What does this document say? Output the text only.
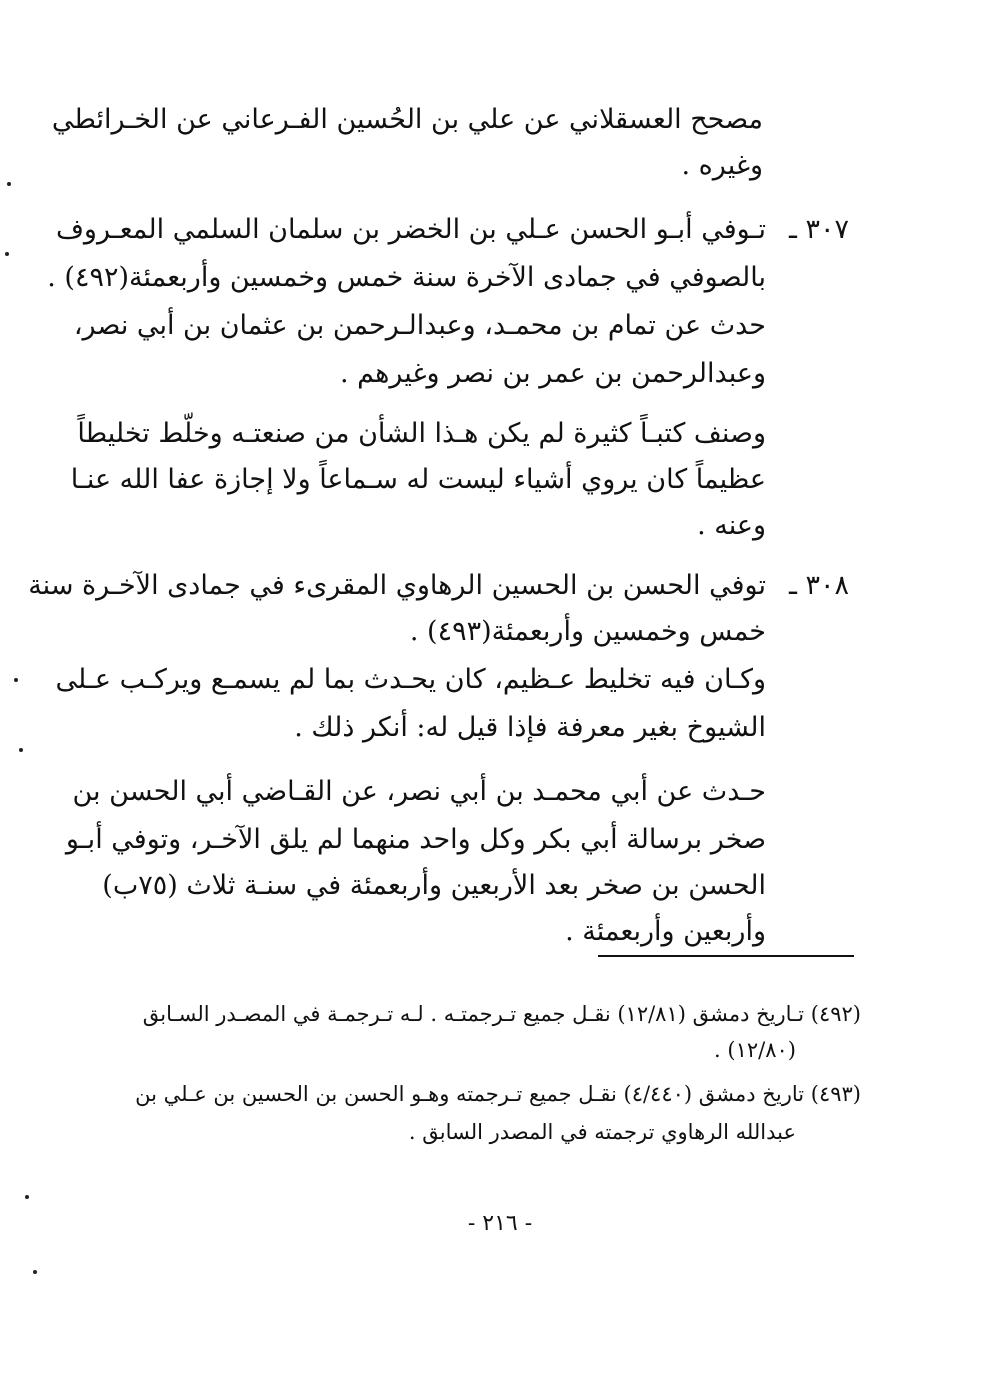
مصحح العسقلاني عن علي بن الحُسين الفـرعاني عن الخـرائطي
وغيره .
٣٠٧ ـ
تـوفي أبـو الحسن عـلي بن الخضر بن سلمان السلمي المعـروف
بالصوفي في جمادى الآخرة سنة خمس وخمسين وأربعمئة(٤٩٢) .
حدث عن تمام بن محمـد، وعبدالـرحمن بن عثمان بن أبي نصر،
وعبدالرحمن بن عمر بن نصر وغيرهم .
وصنف كتبـاً كثيرة لم يكن هـذا الشأن من صنعتـه وخلّط تخليطاً
عظيماً كان يروي أشياء ليست له سـماعاً ولا إجازة عفا الله عنـا
وعنه .
٣٠٨ ـ
توفي الحسن بن الحسين الرهاوي المقرىء في جمادى الآخـرة سنة
خمس وخمسين وأربعمئة(٤٩٣) .
وكـان فيه تخليط عـظيم، كان يحـدث بما لم يسمـع ويركـب عـلى
الشيوخ بغير معرفة فإذا قيل له: أنكر ذلك .
حـدث عن أبي محمـد بن أبي نصر، عن القـاضي أبي الحسن بن
صخر برسالة أبي بكر وكل واحد منهما لم يلق الآخـر، وتوفي أبـو
الحسن بن صخر بعد الأربعين وأربعمئة في سنـة ثلاث (٧٥ب)
وأربعين وأربعمئة .
(٤٩٢) تـاريخ دمشق (١٢/٨١) نقـل جميع تـرجمتـه . لـه تـرجمـة في المصـدر السـابق
(١٢/٨٠) .
(٤٩٣) تاريخ دمشق (٤/٤٤٠) نقـل جميع تـرجمته وهـو الحسن بن الحسين بن عـلي بن
عبدالله الرهاوي ترجمته في المصدر السابق .
- ٢١٦ -
